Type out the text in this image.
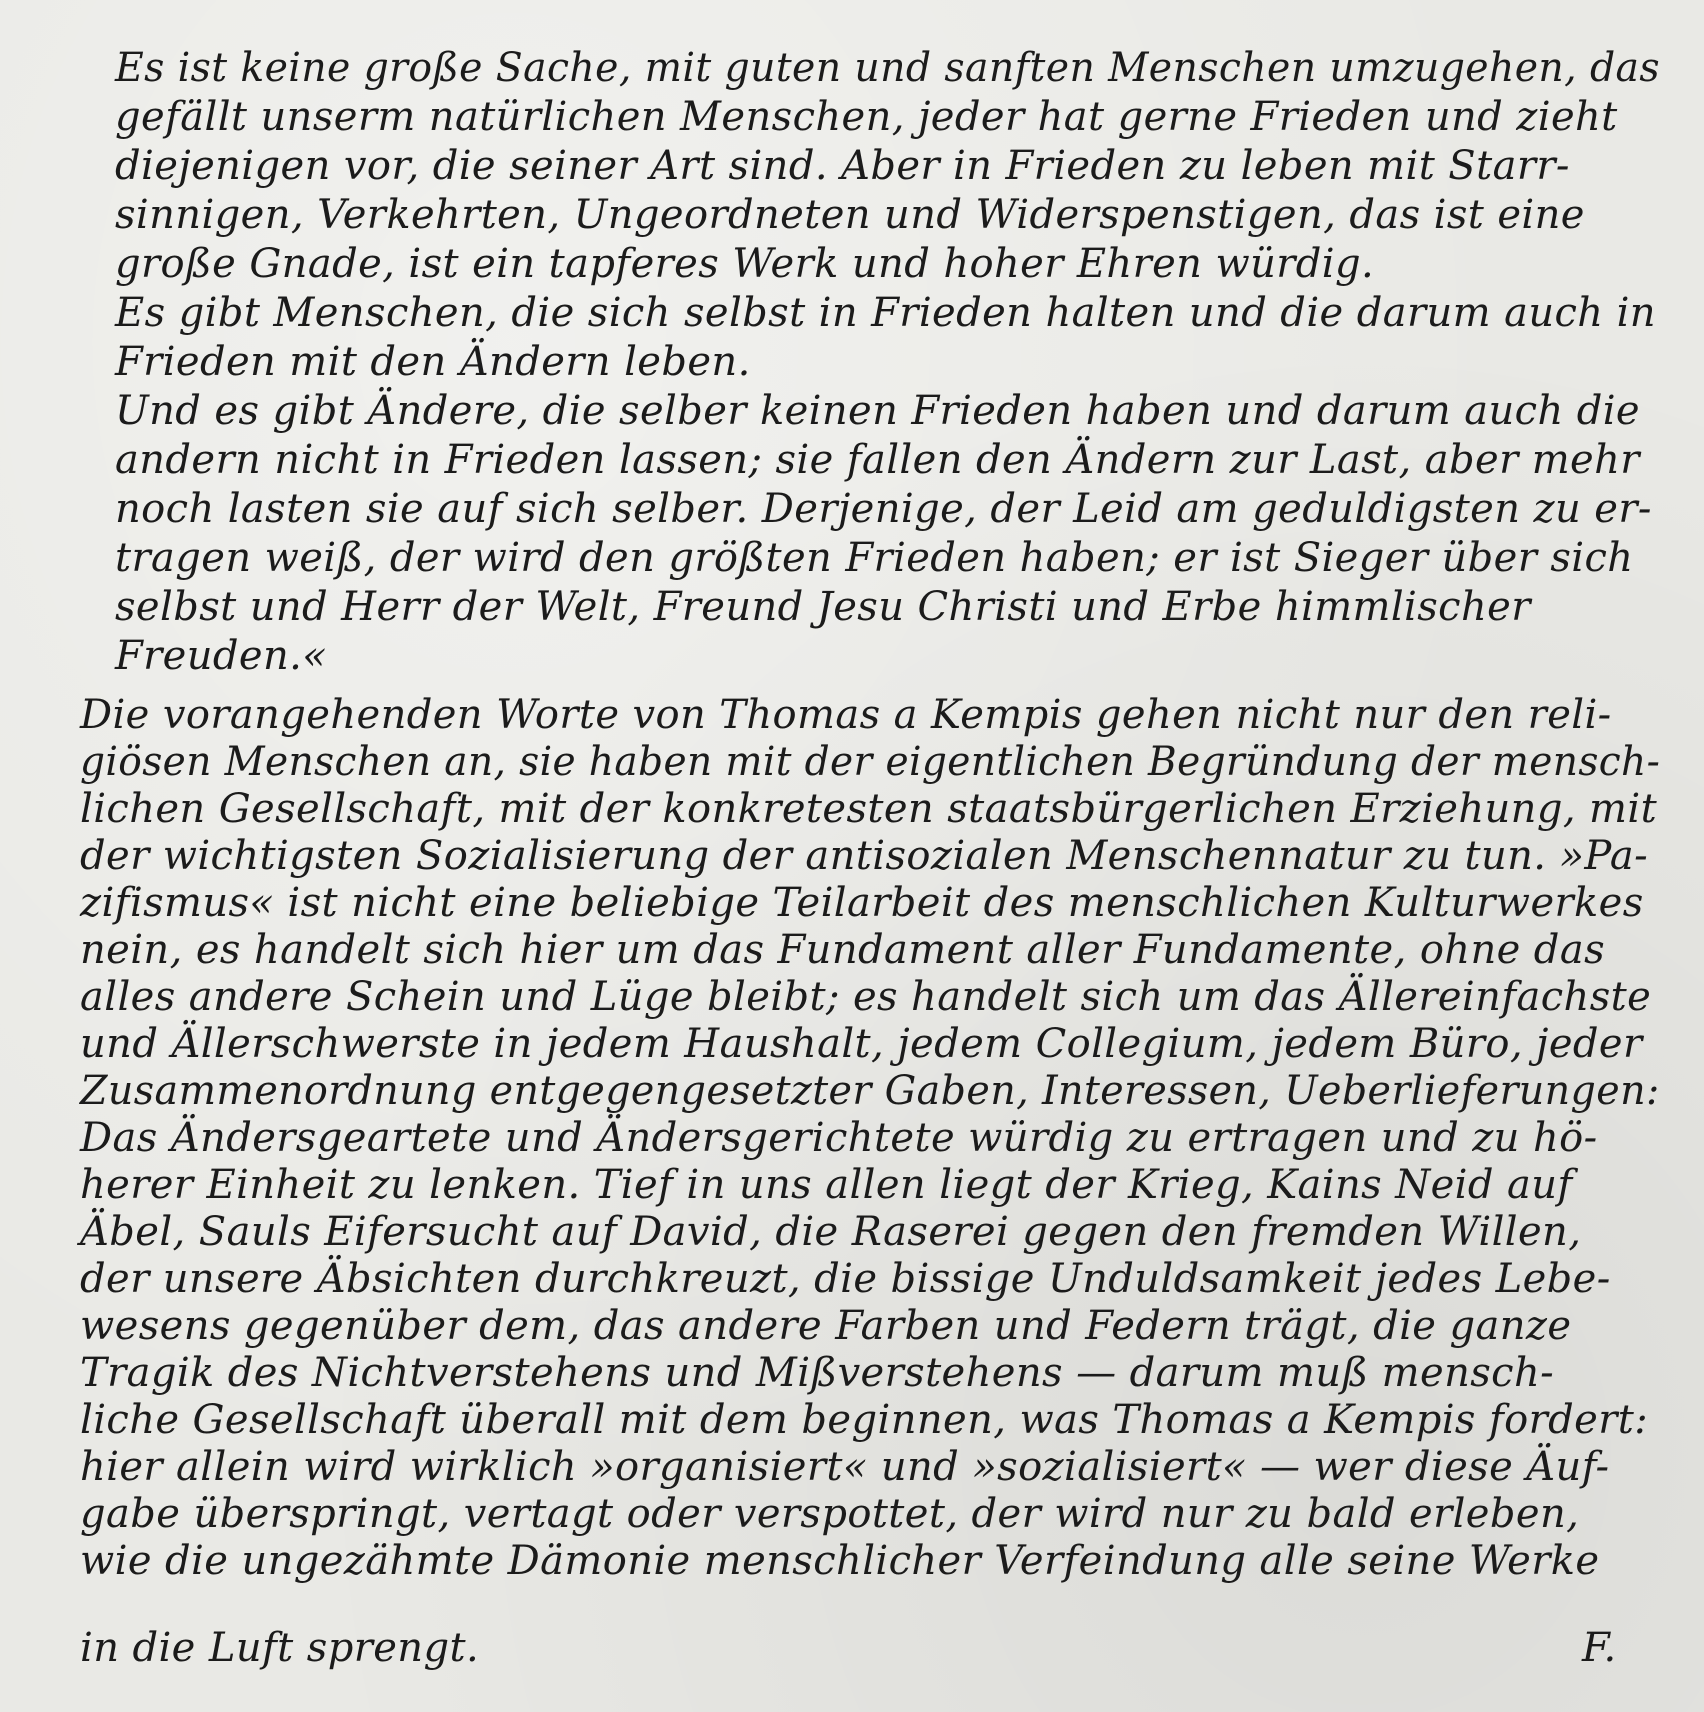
Es ist keine große Sache, mit guten und sanften Menschen umzugehen, das

gefällt unserm natürlichen Menschen, jeder hat gerne Frieden und zieht

diejenigen vor, die seiner Art sind. Aber in Frieden zu leben mit Starr-

sinnigen, Verkehrten, Ungeordneten und Widerspenstigen, das ist eine

große Gnade, ist ein tapferes Werk und hoher Ehren würdig.

Es gibt Menschen, die sich selbst in Frieden halten und die darum auch in

Frieden mit den Ändern leben.

Und es gibt Ändere, die selber keinen Frieden haben und darum auch die

andern nicht in Frieden lassen; sie fallen den Ändern zur Last, aber mehr

noch lasten sie auf sich selber. Derjenige, der Leid am geduldigsten zu er-

tragen weiß, der wird den größten Frieden haben; er ist Sieger über sich

selbst und Herr der Welt, Freund Jesu Christi und Erbe himmlischer

Freuden.«

Die vorangehenden Worte von Thomas a Kempis gehen nicht nur den reli-

giösen Menschen an, sie haben mit der eigentlichen Begründung der mensch-

lichen Gesellschaft, mit der konkretesten staatsbürgerlichen Erziehung, mit

der wichtigsten Sozialisierung der antisozialen Menschennatur zu tun. »Pa-

zifismus« ist nicht eine beliebige Teilarbeit des menschlichen Kulturwerkes

nein, es handelt sich hier um das Fundament aller Fundamente, ohne das

alles andere Schein und Lüge bleibt; es handelt sich um das Ällereinfachste

und Ällerschwerste in jedem Haushalt, jedem Collegium, jedem Büro, jeder

Zusammenordnung entgegengesetzter Gaben, Interessen, Ueberlieferungen:

Das Ändersgeartete und Ändersgerichtete würdig zu ertragen und zu hö-

herer Einheit zu lenken. Tief in uns allen liegt der Krieg, Kains Neid auf

Äbel, Sauls Eifersucht auf David, die Raserei gegen den fremden Willen,

der unsere Äbsichten durchkreuzt, die bissige Unduldsamkeit jedes Lebe-

wesens gegenüber dem, das andere Farben und Federn trägt, die ganze

Tragik des Nichtverstehens und Mißverstehens — darum muß mensch-

liche Gesellschaft überall mit dem beginnen, was Thomas a Kempis fordert:

hier allein wird wirklich »organisiert« und »sozialisiert« — wer diese Äuf-

gabe überspringt, vertagt oder verspottet, der wird nur zu bald erleben,

wie die ungezähmte Dämonie menschlicher Verfeindung alle seine Werke

in die Luft sprengt.	F.
